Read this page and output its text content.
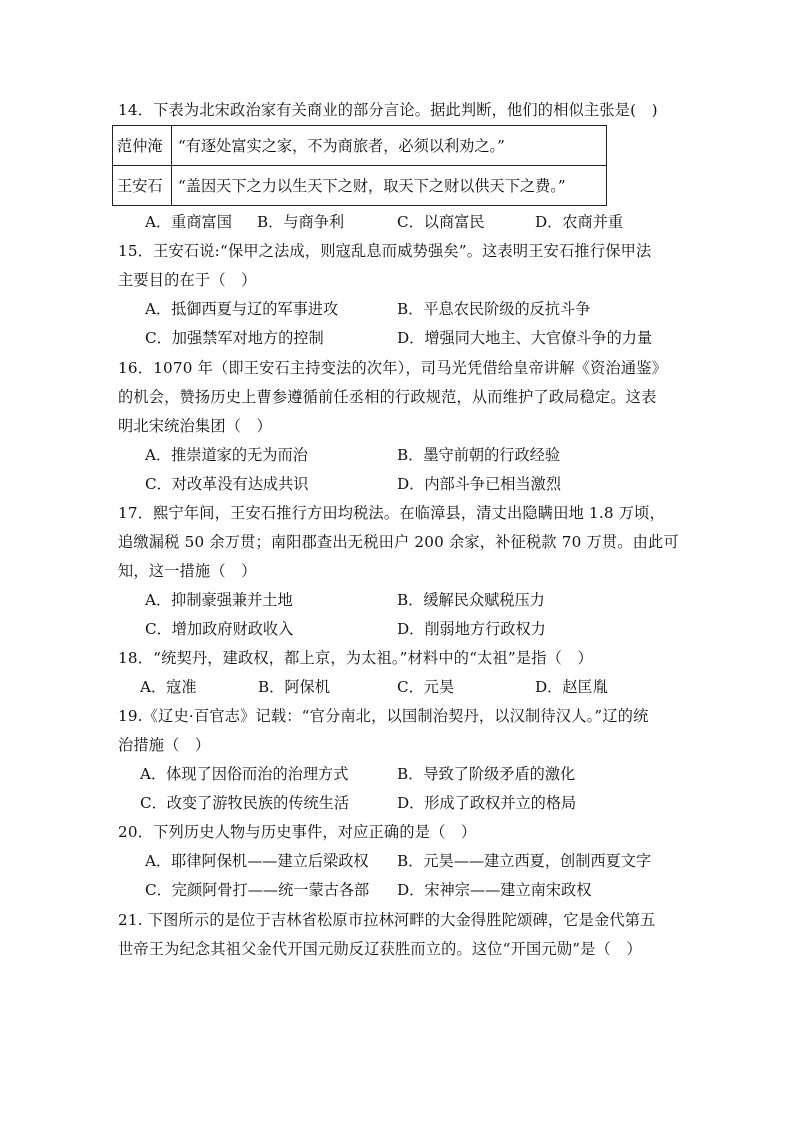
14．下表为北宋政治家有关商业的部分言论。据此判断，他们的相似主张是(　)
范仲淹	“有逐处富实之家，不为商旅者，必须以利劝之。”
王安石	“盖因天下之力以生天下之财，取天下之财以供天下之费。”
A．重商富国 B．与商争利	C．以商富民	D．农商并重
15．王安石说:“保甲之法成，则寇乱息而威势强矣”。这表明王安石推行保甲法
主要目的在于（　）
A．抵御西夏与辽的军事进攻	B．平息农民阶级的反抗斗争
C．加强禁军对地方的控制	D．增强同大地主、大官僚斗争的力量
16．1070 年（即王安石主持变法的次年），司马光凭借给皇帝讲解《资治通鉴》
的机会，赞扬历史上曹参遵循前任丞相的行政规范，从而维护了政局稳定。这表
明北宋统治集团（　）
A．推崇道家的无为而治	B．墨守前朝的行政经验
C．对改革没有达成共识	D．内部斗争已相当激烈
17．熙宁年间，王安石推行方田均税法。在临漳县，清丈出隐瞒田地 1.8 万顷，
追缴漏税 50 余万贯；南阳郡查出无税田户 200 余家，补征税款 70 万贯。由此可
知，这一措施（　）
A．抑制豪强兼并土地	B．缓解民众赋税压力
C．增加政府财政收入	D．削弱地方行政权力
18．“统契丹，建政权，都上京，为太祖。”材料中的“太祖”是指（　）
A．寇准	B．阿保机	C．元昊	D．赵匡胤
19.《辽史·百官志》记载：“官分南北，以国制治契丹，以汉制待汉人。”辽的统
治措施（　）
A．体现了因俗而治的治理方式	B．导致了阶级矛盾的激化
C．改变了游牧民族的传统生活	D．形成了政权并立的格局
20．下列历史人物与历史事件，对应正确的是（　）
A．耶律阿保机——建立后梁政权 B．元昊——建立西夏，创制西夏文字
C．完颜阿骨打——统一蒙古各部 D．宋神宗——建立南宋政权
21. 下图所示的是位于吉林省松原市拉林河畔的大金得胜陀颂碑，它是金代第五
世帝王为纪念其祖父金代开国元勋反辽获胜而立的。这位“开国元勋”是（　）
